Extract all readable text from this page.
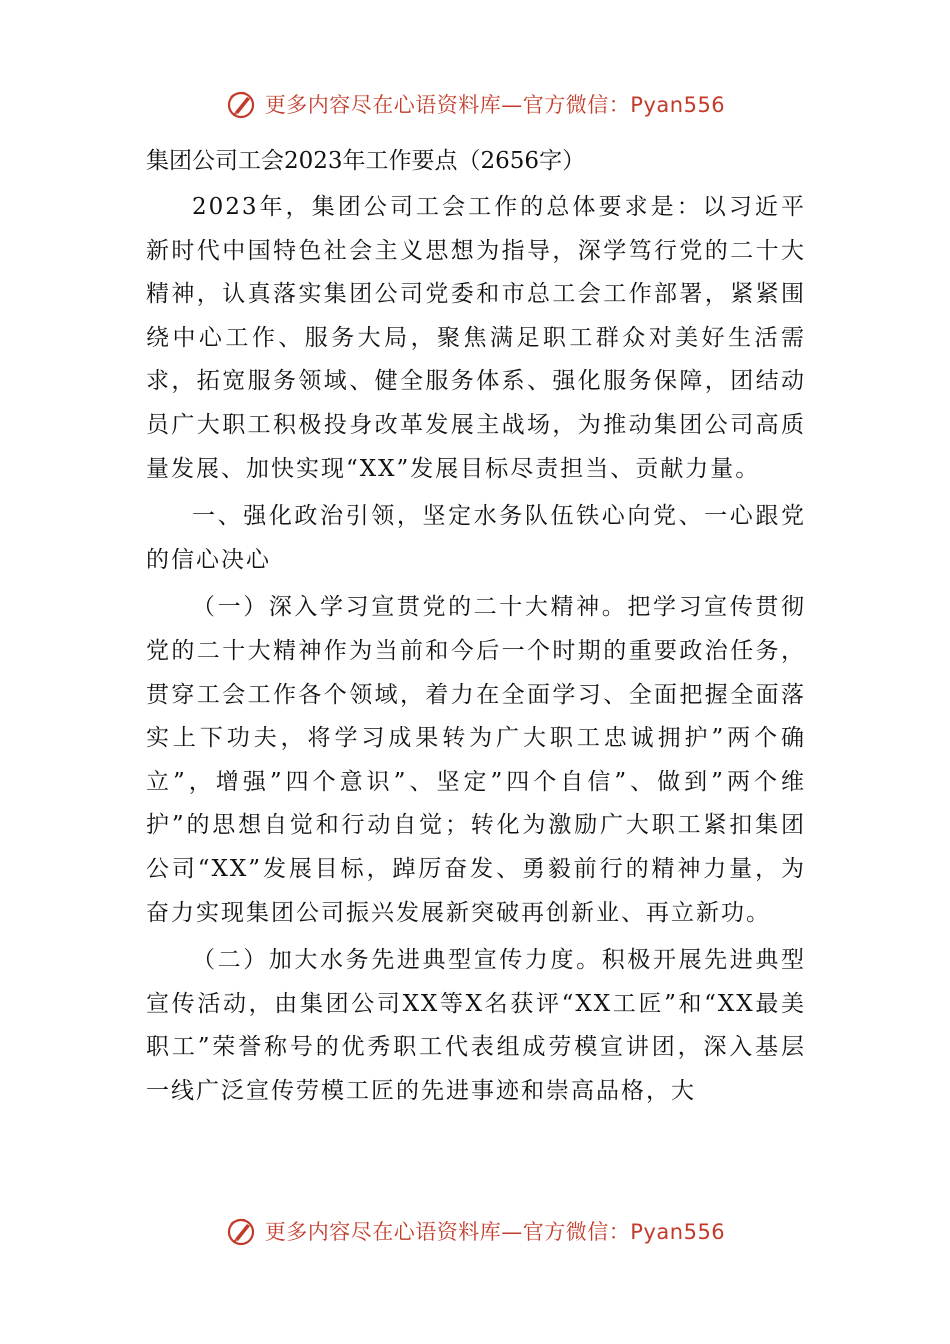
更多内容尽在心语资料库—官方微信：Pyan556
集团公司工会2023年工作要点（2656字）

2023年，集团公司工会工作的总体要求是：以习近平新时代中国特色社会主义思想为指导，深学笃行党的二十大精神，认真落实集团公司党委和市总工会工作部署，紧紧围绕中心工作、服务大局，聚焦满足职工群众对美好生活需求，拓宽服务领域、健全服务体系、强化服务保障，团结动员广大职工积极投身改革发展主战场，为推动集团公司高质量发展、加快实现“XX”发展目标尽责担当、贡献力量。

一、强化政治引领，坚定水务队伍铁心向党、一心跟党的信心决心

（一）深入学习宣贯党的二十大精神。把学习宣传贯彻党的二十大精神作为当前和今后一个时期的重要政治任务，贯穿工会工作各个领域，着力在全面学习、全面把握全面落实上下功夫，将学习成果转为广大职工忠诚拥护”两个确立”，增强”四个意识”、坚定”四个自信”、做到”两个维护”的思想自觉和行动自觉；转化为激励广大职工紧扣集团公司“XX”发展目标，踔厉奋发、勇毅前行的精神力量，为奋力实现集团公司振兴发展新突破再创新业、再立新功。

（二）加大水务先进典型宣传力度。积极开展先进典型宣传活动，由集团公司XX等X名获评“XX工匠”和“XX最美职工”荣誉称号的优秀职工代表组成劳模宣讲团，深入基层一线广泛宣传劳模工匠的先进事迹和崇高品格，大

更多内容尽在心语资料库—官方微信：Pyan556
